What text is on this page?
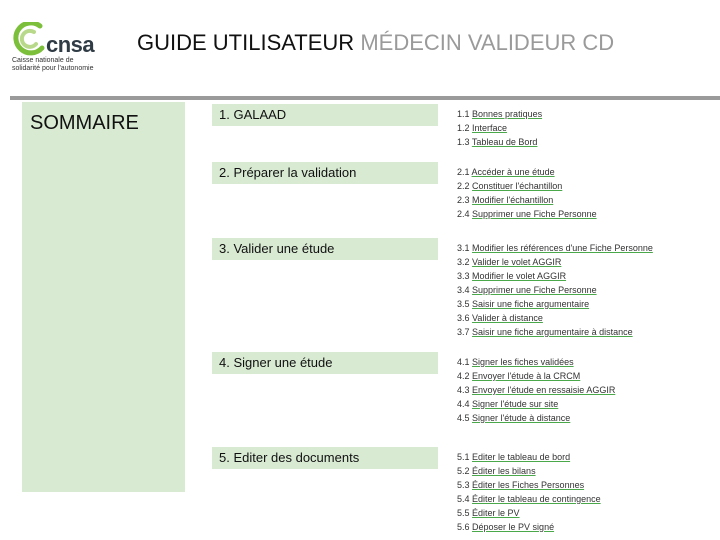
cnsa
Caisse nationale de solidarité pour l'autonomie
GUIDE UTILISATEUR MÉDECIN VALIDEUR CD
SOMMAIRE	1. GALAAD	1.1 Bonnes pratiques
1.2 Interface
1.3 Tableau de Bord
2. Préparer la validation	2.1 Accéder à une étude
2.2 Constituer l'échantillon
2.3 Modifier l'échantillon
2.4 Supprimer une Fiche Personne
3. Valider une étude	3.1 Modifier les références d'une Fiche Personne
3.2 Valider le volet AGGIR
3.3 Modifier le volet AGGIR
3.4 Supprimer une Fiche Personne
3.5 Saisir une fiche argumentaire
3.6 Valider à distance
3.7 Saisir une fiche argumentaire à distance
4. Signer une étude	4.1 Signer les fiches validées
4.2 Envoyer l'étude à la CRCM
4.3 Envoyer l'étude en ressaisie AGGIR
4.4 Signer l'étude sur site
4.5 Signer l'étude à distance
5. Editer des documents	5.1 Editer le tableau de bord
5.2 Éditer les bilans
5.3 Éditer les Fiches Personnes
5.4 Éditer le tableau de contingence
5.5 Éditer le PV
5.6 Déposer le PV signé
